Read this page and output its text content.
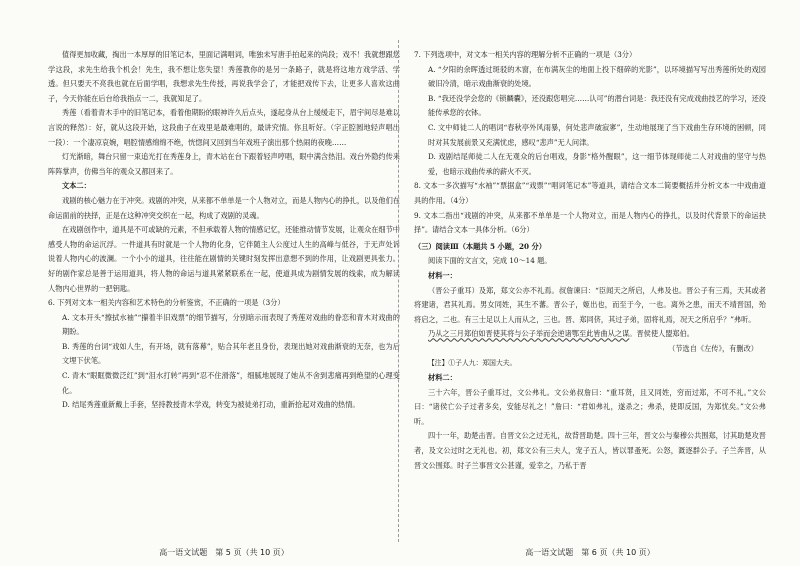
值得更加收藏，掏出一本厚厚的旧笔记本，里面记满唱词，唯独未写唐手拍起来的尚段；戏不！我就想跟您学这段，求先生给我个机会！先生，我不想让您失望！秀莲教你的是另一条路子，就是将这地方戏学活、学透。但只要天不亮我也就在后面学唱，我想求先生传授，再说我学会了，才能把戏传下去，让更多人喜欢这曲子，今天你能在后台给我指点一二，我就知足了。

秀莲（看着青木手中的旧笔记本，看着他期盼的眼神许久后点头，遂起身从台上缓缓走下，眉宇间尽是难以言说的释然）：好，就从这段开始，这段曲子在戏里是最难唱的，最讲究情。你且听好。（字正腔圆地轻声唱出一段）：一个凄凉哀婉，唱腔情感绵绵不绝，恍惚间又回到当年戏班子演出那个热闹的夜晚……

灯光渐暗，舞台只留一束追光打在秀莲身上，青木站在台下跟着轻声哼唱，眼中满含热泪。戏台外隐约传来阵阵掌声，仿佛当年的观众又都回来了。

文本二：

戏剧的核心魅力在于冲突。戏剧的冲突，从来都不单单是一个人物对立，而是人物内心的挣扎，以及他们在命运面前的抉择，正是在这种冲突交织在一起，构成了戏剧的灵魂。

在戏剧创作中，道具是不可或缺的元素，不但承载着人物的情感记忆，还能推动情节发展，让观众在细节中感受人物的命运沉浮。一件道具有时就是一个人物的化身，它伴随主人公度过人生的高峰与低谷，于无声处诉说着人物内心的波澜。一个小小的道具，往往能在剧情的关键时刻发挥出意想不到的作用，让戏剧更具张力。好的剧作家总是善于运用道具，将人物的命运与道具紧紧联系在一起，使道具成为剧情发展的线索，成为解读人物内心世界的一把钥匙。

6. 下列对文本一相关内容和艺术特色的分析鉴赏，不正确的一项是（3分）

A. 文本开头“擦拭水袖”“攥着半旧戏票”的细节描写，分别暗示而表现了秀莲对戏曲的眷恋和青木对戏曲的期盼。

B. 秀莲的台词“戏如人生，有开场，就有落幕”，贴合其年老且身份，表现出她对戏曲渐衰的无奈，也为后文埋下伏笔。

C. 青木“眼眶微微泛红”到“泪水打转”再到“忍不住滑落”，细腻地展现了她从不舍到悲痛再到绝望的心理变化。

D. 结尾秀莲重新戴上手套，坚持教授青木学戏，转变为被徒弟打动，重新拾起对戏曲的热情。

7. 下列选项中，对文本一相关内容的理解分析不正确的一项是（3分）

A. “夕阳的余晖透过斑驳的木窗，在布满灰尘的地面上投下细碎的光影”，以环境描写写出秀莲所处的戏园破旧冷清，暗示戏曲渐衰的处境。

B. “我还没学会您的《锁麟囊》，还没跟您唱完……认可”的潜台词是：我还没有完成戏曲技艺的学习，还没能传承您的衣钵。

C. 文中师徒二人的唱词“春秋亭外风雨暴，何处悲声破寂寥”，生动地展现了当下戏曲生存环境的困顿，同时对其发展前景又充满忧虑，感叹“悲声”无人问津。

D. 戏剧结尾师徒二人在无观众的后台唱戏，身影“格外醒眼”，这一细节体现师徒二人对戏曲的坚守与热爱，也暗示戏曲传承的薪火不灭。

8. 文本一多次描写“水袖”“票据盒”“戏票”“唱词笔记本”等道具，请结合文本二简要概括并分析文本一中戏曲道具的作用。（4分）

9. 文本二指出“戏剧的冲突，从来都不单单是一个人物对立，而是人物内心的挣扎，以及时代背景下的命运抉择”。请结合文本一具体分析。（6分）

（三）阅读Ⅲ（本题共 5 小题，20 分）

阅读下面的文言文，完成 10～14 题。

材料一：

（晋公子重耳）及郑，郑文公亦不礼焉。叔詹谏曰：“臣闻天之所启，人弗及也。晋公子有三焉，天其或者将建诸，君其礼焉。男女同姓，其生不蕃。晋公子，姬出也，而至于今，一也。离外之患，而天不靖晋国，殆将启之，二也。有三士足以上人而从之，三也。晋、郑同侪，其过子弟，固将礼焉，况天之所启乎？”弗听。

乃从之三月郑伯如晋使其将与公子举而会逆诸鄂至此皆曲从之谋。晋侯使人盟郑伯。

（节选自《左传》，有删改）

【注】①子人九：郑国大夫。

材料二：

三十六年，晋公子重耳过，文公弗礼。文公弟叔詹曰：“重耳贤，且又同姓，穷而过郑，不可不礼。”文公曰：“诸侯亡公子过者多矣，安能尽礼之！”詹曰：“君如弗礼，遂杀之；弗杀，使即反国，为郑忧矣。”文公弗听。

四十一年，助楚击晋。自晋文公之过无礼，故背晋助楚。四十三年，晋文公与秦穆公共围郑，讨其助楚攻晋者，及文公过时之无礼也。初，郑文公有三夫人，宠子五人，皆以罪蚤死。公怒，溉逐群公子。子兰奔晋，从晋文公围郑。时子兰事晋文公甚谨，爱幸之，乃私于晋

高一语文试题　第 5 页（共 10 页）	高一语文试题　第 6 页（共 10 页）
